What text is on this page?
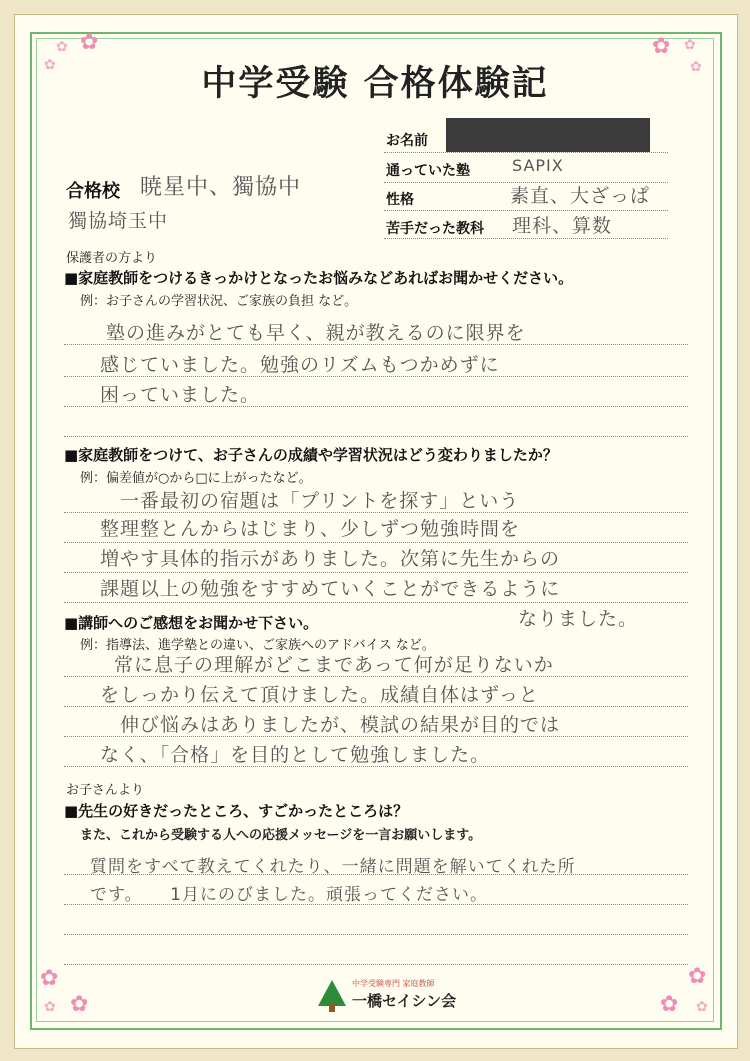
✿
✿
✿	✿
✿
✿
✿
✿
✿	✿
✿
✿
中学受験 合格体験記
お名前
通っていた塾	SAPIX
性格	素直、大ざっぱ
苦手だった教科 理科、算数
合格校 暁星中、獨協中
獨協埼玉中
保護者の方より
■家庭教師をつけるきっかけとなったお悩みなどあればお聞かせください。
例：お子さんの学習状況、ご家族の負担 など。
塾の進みがとても早く、親が教えるのに限界を
感じていました。勉強のリズムもつかめずに
困っていました。
■家庭教師をつけて、お子さんの成績や学習状況はどう変わりましたか？
例：偏差値が○から□に上がったなど。
一番最初の宿題は「プリントを探す」という
整理整とんからはじまり、少しずつ勉強時間を
増やす具体的指示がありました。次第に先生からの
課題以上の勉強をすすめていくことができるように
なりました。
■講師へのご感想をお聞かせ下さい。
例：指導法、進学塾との違い、ご家族へのアドバイス など。
常に息子の理解がどこまであって何が足りないか
をしっかり伝えて頂けました。成績自体はずっと
伸び悩みはありましたが、模試の結果が目的では
なく、「合格」を目的として勉強しました。
お子さんより
■先生の好きだったところ、すごかったところは？
また、これから受験する人への応援メッセージを一言お願いします。
質問をすべて教えてくれたり、一緒に問題を解いてくれた所
です。　　1月にのびました。頑張ってください。
中学受験専門 家庭教師
一橋セイシン会
